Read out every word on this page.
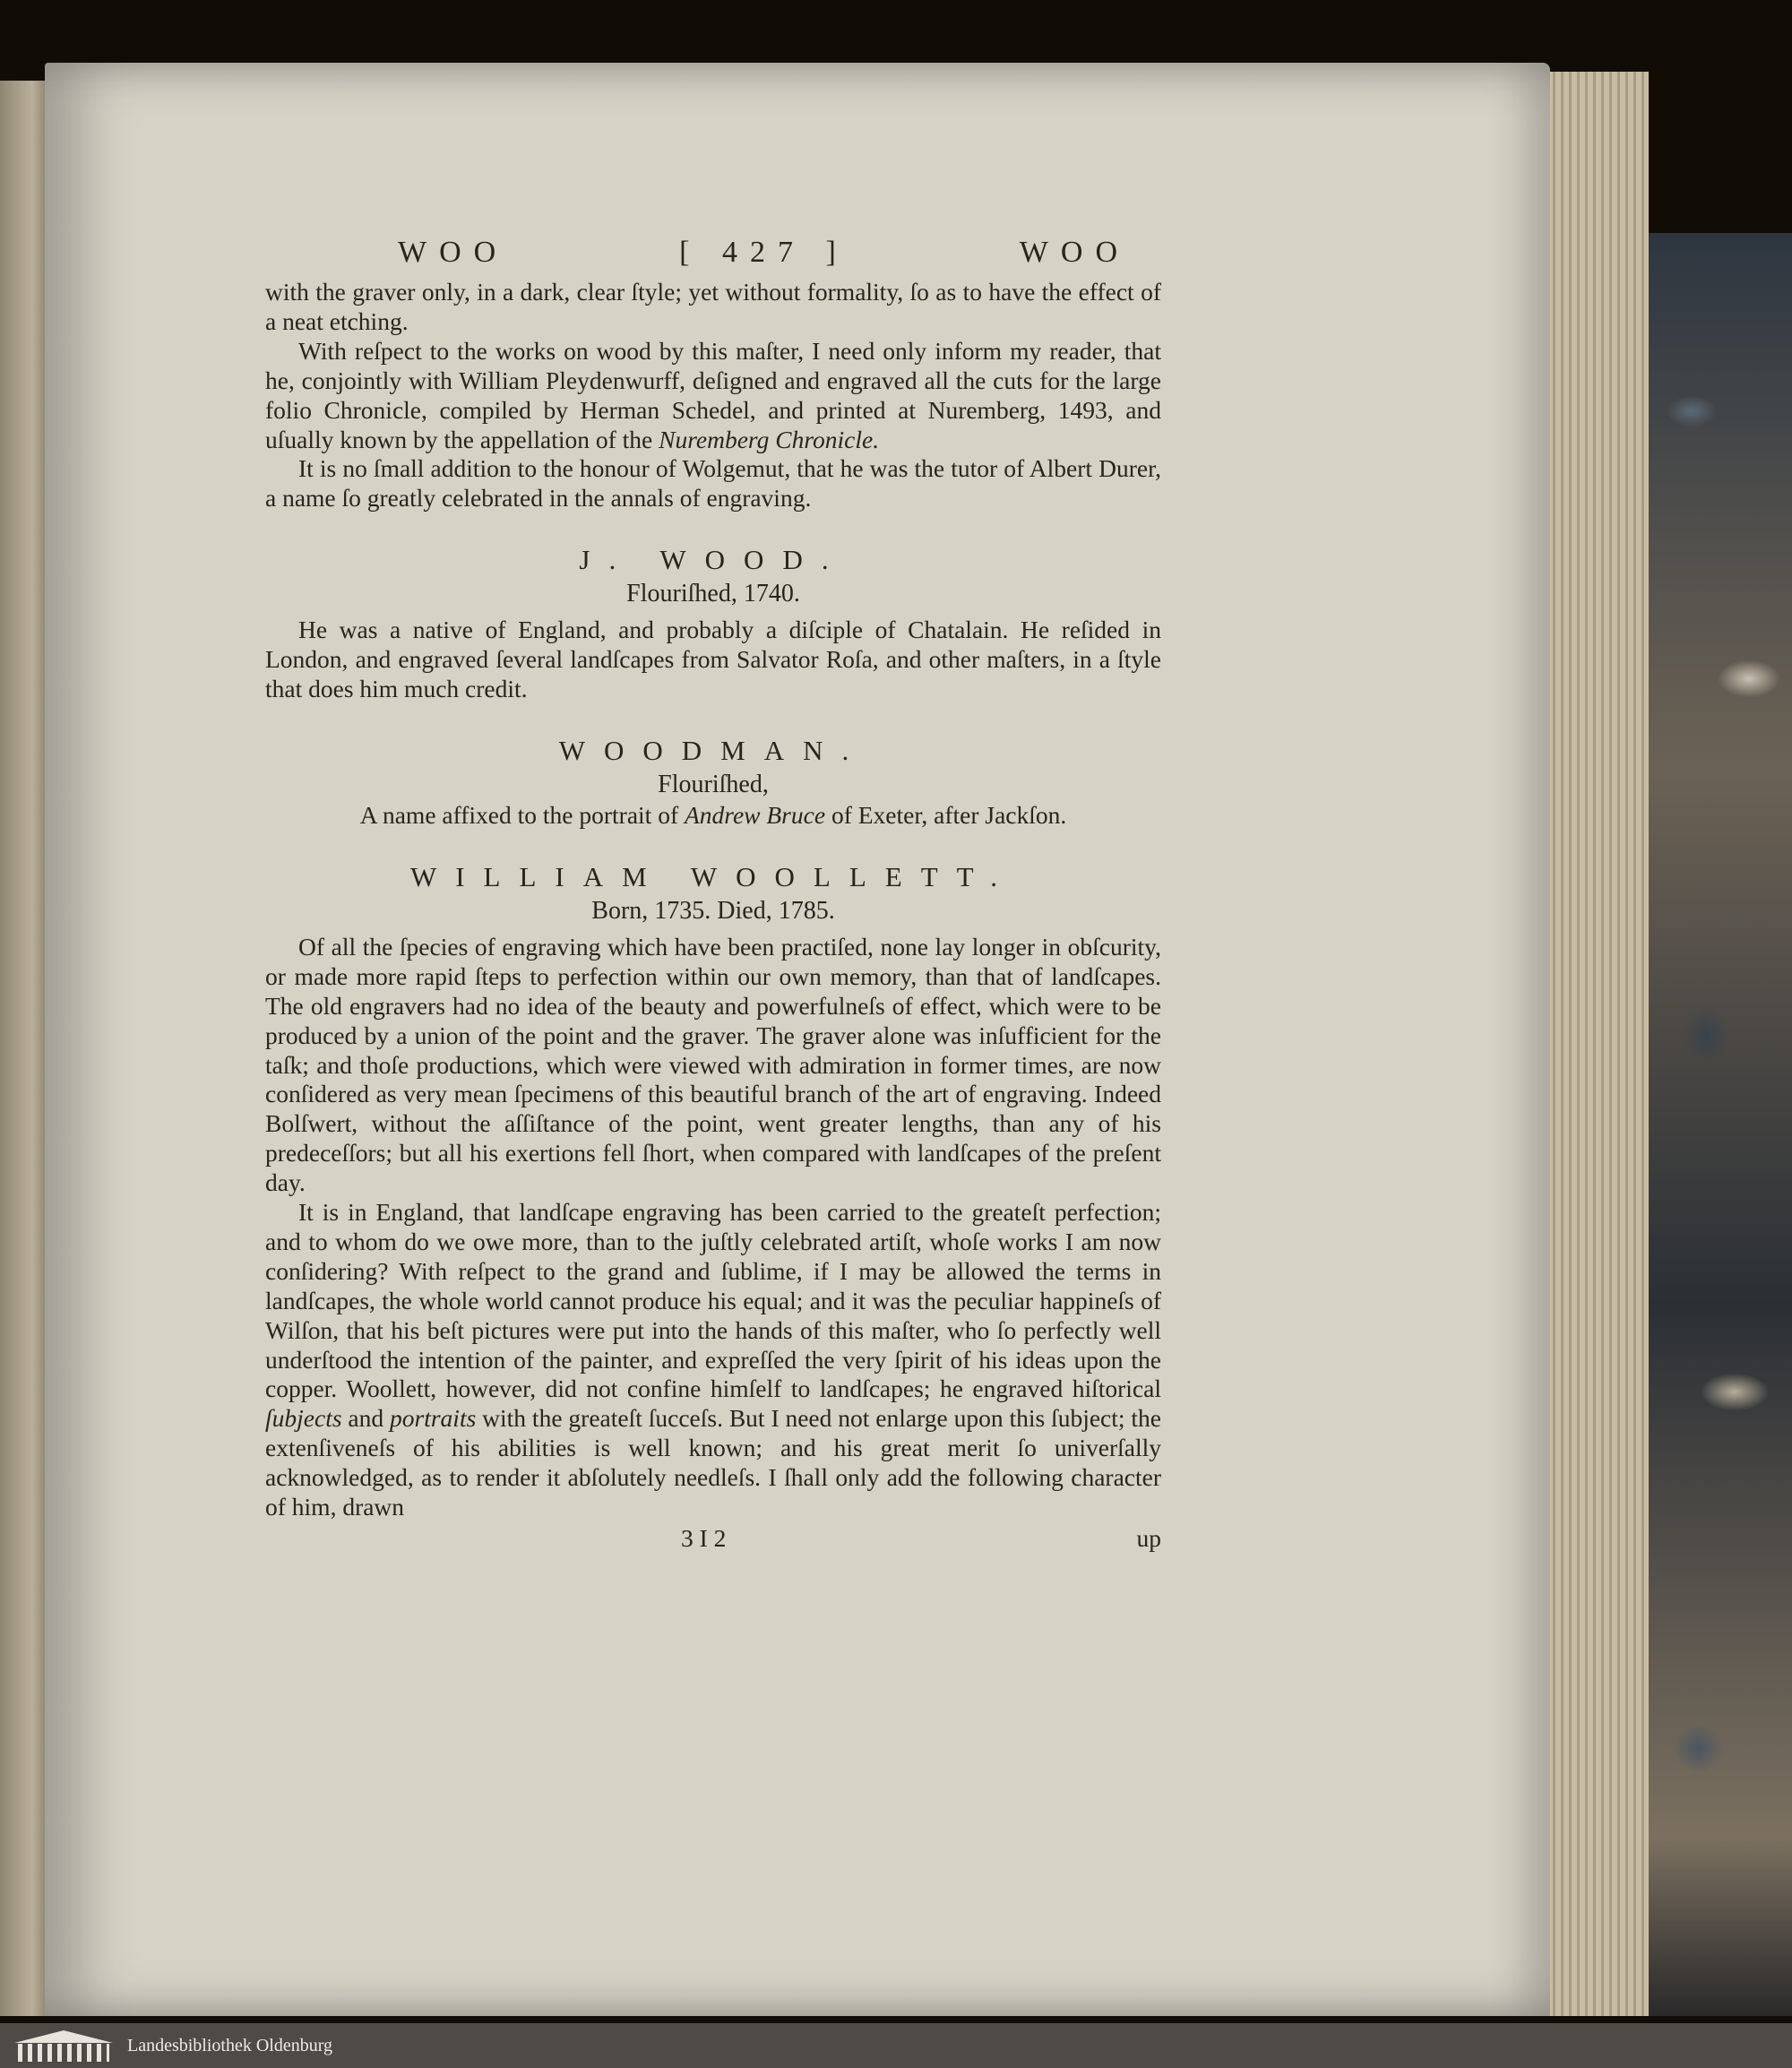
WOO	[ 427 ]	WOO

with the graver only, in a dark, clear ſtyle; yet without formality, ſo as to have the effect of a neat etching.

With reſpect to the works on wood by this maſter, I need only inform my reader, that he, conjointly with William Pleydenwurff, deſigned and engraved all the cuts for the large folio Chronicle, compiled by Herman Schedel, and printed at Nuremberg, 1493, and uſually known by the appellation of the Nuremberg Chronicle.

It is no ſmall addition to the honour of Wolgemut, that he was the tutor of Albert Durer, a name ſo greatly celebrated in the annals of engraving.

J. WOOD.
Flouriſhed, 1740.

He was a native of England, and probably a diſciple of Chatalain. He reſided in London, and engraved ſeveral landſcapes from Salvator Roſa, and other maſters, in a ſtyle that does him much credit.

WOODMAN.
Flouriſhed,

A name affixed to the portrait of Andrew Bruce of Exeter, after Jackſon.

WILLIAM WOOLLETT.
Born, 1735. Died, 1785.

Of all the ſpecies of engraving which have been practiſed, none lay longer in obſcurity, or made more rapid ſteps to perfection within our own memory, than that of landſcapes. The old engravers had no idea of the beauty and powerfulneſs of effect, which were to be produced by a union of the point and the graver. The graver alone was inſufficient for the taſk; and thoſe productions, which were viewed with admiration in former times, are now conſidered as very mean ſpecimens of this beautiful branch of the art of engraving. Indeed Bolſwert, without the aſſiſtance of the point, went greater lengths, than any of his predeceſſors; but all his exertions fell ſhort, when compared with landſcapes of the preſent day.

It is in England, that landſcape engraving has been carried to the greateſt perfection; and to whom do we owe more, than to the juſtly celebrated artiſt, whoſe works I am now conſidering? With reſpect to the grand and ſublime, if I may be allowed the terms in landſcapes, the whole world cannot produce his equal; and it was the peculiar happineſs of Wilſon, that his beſt pictures were put into the hands of this maſter, who ſo perfectly well underſtood the intention of the painter, and expreſſed the very ſpirit of his ideas upon the copper. Woollett, however, did not confine himſelf to landſcapes; he engraved hiſtorical ſubjects and portraits with the greateſt ſucceſs. But I need not enlarge upon this ſubject; the extenſiveneſs of his abilities is well known; and his great merit ſo univerſally acknowledged, as to render it abſolutely needleſs. I ſhall only add the following character of him, drawn

3 I 2	up
Landesbibliothek Oldenburg
